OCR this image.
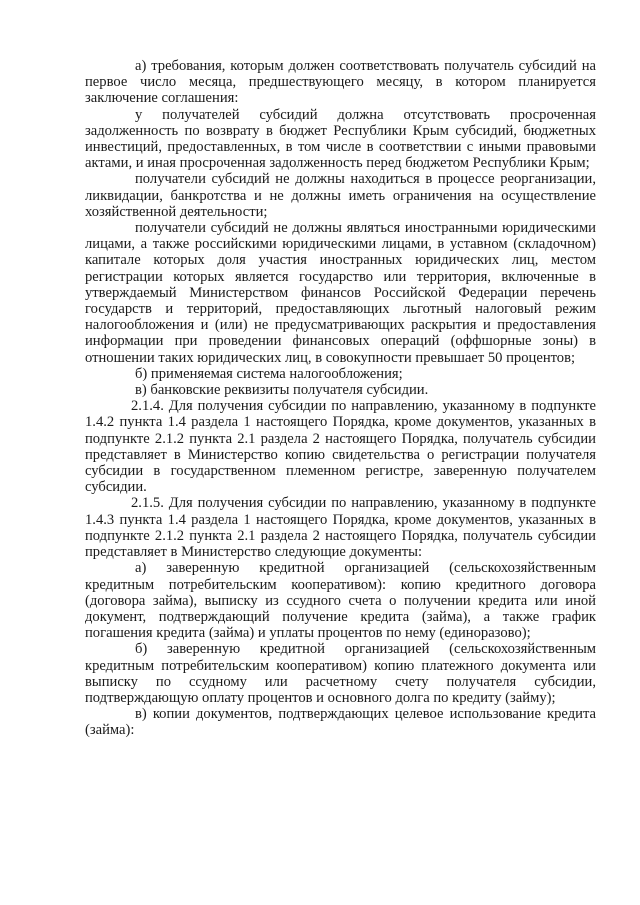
а) требования, которым должен соответствовать получатель субсидий на первое число месяца, предшествующего месяцу, в котором планируется заключение соглашения:

у получателей субсидий должна отсутствовать просроченная задолженность по возврату в бюджет Республики Крым субсидий, бюджетных инвестиций, предоставленных, в том числе в соответствии с иными правовыми актами, и иная просроченная задолженность перед бюджетом Республики Крым;

получатели субсидий не должны находиться в процессе реорганизации, ликвидации, банкротства и не должны иметь ограничения на осуществление хозяйственной деятельности;

получатели субсидий не должны являться иностранными юридическими лицами, а также российскими юридическими лицами, в уставном (складочном) капитале которых доля участия иностранных юридических лиц, местом регистрации которых является государство или территория, включенные в утверждаемый Министерством финансов Российской Федерации перечень государств и территорий, предоставляющих льготный налоговый режим налогообложения и (или) не предусматривающих раскрытия и предоставления информации при проведении финансовых операций (оффшорные зоны) в отношении таких юридических лиц, в совокупности превышает 50 процентов;

б) применяемая система налогообложения;

в) банковские реквизиты получателя субсидии.

2.1.4. Для получения субсидии по направлению, указанному в подпункте 1.4.2 пункта 1.4 раздела 1 настоящего Порядка, кроме документов, указанных в подпункте 2.1.2 пункта 2.1 раздела 2 настоящего Порядка, получатель субсидии представляет в Министерство копию свидетельства о регистрации получателя субсидии в государственном племенном регистре, заверенную получателем субсидии.

2.1.5. Для получения субсидии по направлению, указанному в подпункте 1.4.3 пункта 1.4 раздела 1 настоящего Порядка, кроме документов, указанных в подпункте 2.1.2 пункта 2.1 раздела 2 настоящего Порядка, получатель субсидии представляет в Министерство следующие документы:

а) заверенную кредитной организацией (сельскохозяйственным кредитным потребительским кооперативом): копию кредитного договора (договора займа), выписку из ссудного счета о получении кредита или иной документ, подтверждающий получение кредита (займа), а также график погашения кредита (займа) и уплаты процентов по нему (единоразово);

б) заверенную кредитной организацией (сельскохозяйственным кредитным потребительским кооперативом) копию платежного документа или выписку по ссудному или расчетному счету получателя субсидии, подтверждающую оплату процентов и основного долга по кредиту (займу);

в) копии документов, подтверждающих целевое использование кредита (займа):
